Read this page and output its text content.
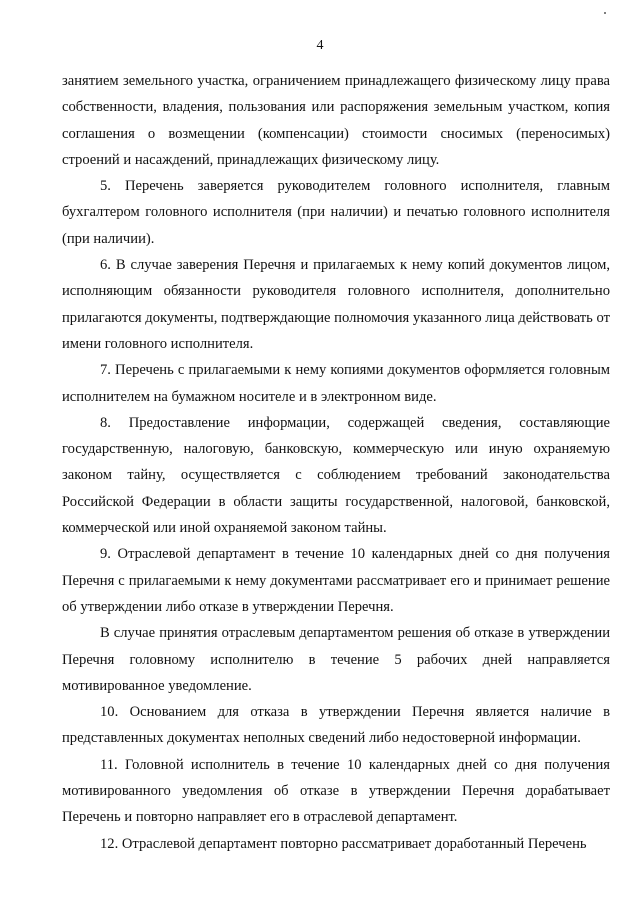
4

занятием земельного участка, ограничением принадлежащего физическому лицу права собственности, владения, пользования или распоряжения земельным участком, копия соглашения о возмещении (компенсации) стоимости сносимых (переносимых) строений и насаждений, принадлежащих физическому лицу.

5. Перечень заверяется руководителем головного исполнителя, главным бухгалтером головного исполнителя (при наличии) и печатью головного исполнителя (при наличии).

6. В случае заверения Перечня и прилагаемых к нему копий документов лицом, исполняющим обязанности руководителя головного исполнителя, дополнительно прилагаются документы, подтверждающие полномочия указанного лица действовать от имени головного исполнителя.

7. Перечень с прилагаемыми к нему копиями документов оформляется головным исполнителем на бумажном носителе и в электронном виде.

8. Предоставление информации, содержащей сведения, составляющие государственную, налоговую, банковскую, коммерческую или иную охраняемую законом тайну, осуществляется с соблюдением требований законодательства Российской Федерации в области защиты государственной, налоговой, банковской, коммерческой или иной охраняемой законом тайны.

9. Отраслевой департамент в течение 10 календарных дней со дня получения Перечня с прилагаемыми к нему документами рассматривает его и принимает решение об утверждении либо отказе в утверждении Перечня.

В случае принятия отраслевым департаментом решения об отказе в утверждении Перечня головному исполнителю в течение 5 рабочих дней направляется мотивированное уведомление.

10. Основанием для отказа в утверждении Перечня является наличие в представленных документах неполных сведений либо недостоверной информации.

11. Головной исполнитель в течение 10 календарных дней со дня получения мотивированного уведомления об отказе в утверждении Перечня дорабатывает Перечень и повторно направляет его в отраслевой департамент.

12. Отраслевой департамент повторно рассматривает доработанный Перечень
